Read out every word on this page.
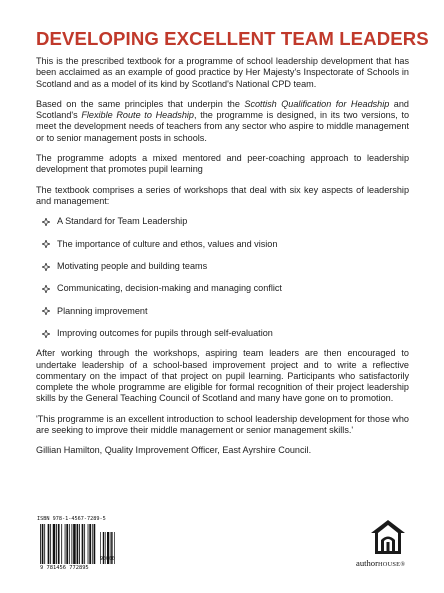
DEVELOPING EXCELLENT TEAM LEADERS

This is the prescribed textbook for a programme of school leadership development that has been acclaimed as an example of good practice by Her Majesty's Inspectorate of Schools in Scotland and as a model of its kind by Scotland's National CPD team.

Based on the same principles that underpin the Scottish Qualification for Headship and Scotland's Flexible Route to Headship, the programme is designed, in its two versions, to meet the development needs of teachers from any sector who aspire to middle management or to senior management posts in schools.

The programme adopts a mixed mentored and peer-coaching approach to leadership development that promotes pupil learning

The textbook comprises a series of workshops that deal with six key aspects of leadership and management:

A Standard for Team Leadership
The importance of culture and ethos, values and vision
Motivating people and building teams
Communicating, decision-making and managing conflict
Planning improvement
Improving outcomes for pupils through self-evaluation

After working through the workshops, aspiring team leaders are then encouraged to undertake leadership of a school-based improvement project and to write a reflective commentary on the impact of that project on pupil learning. Participants who satisfactorily complete the whole programme are eligible for formal recognition of their project leadership skills by the General Teaching Council of Scotland and many have gone on to promotion.

'This programme is an excellent introduction to school leadership development for those who are seeking to improve their middle management or senior management skills.'

Gillian Hamilton, Quality Improvement Officer, East Ayrshire Council.

ISBN 978-1-4567-7289-5
9 781456 772895
90000	authorHOUSE®
